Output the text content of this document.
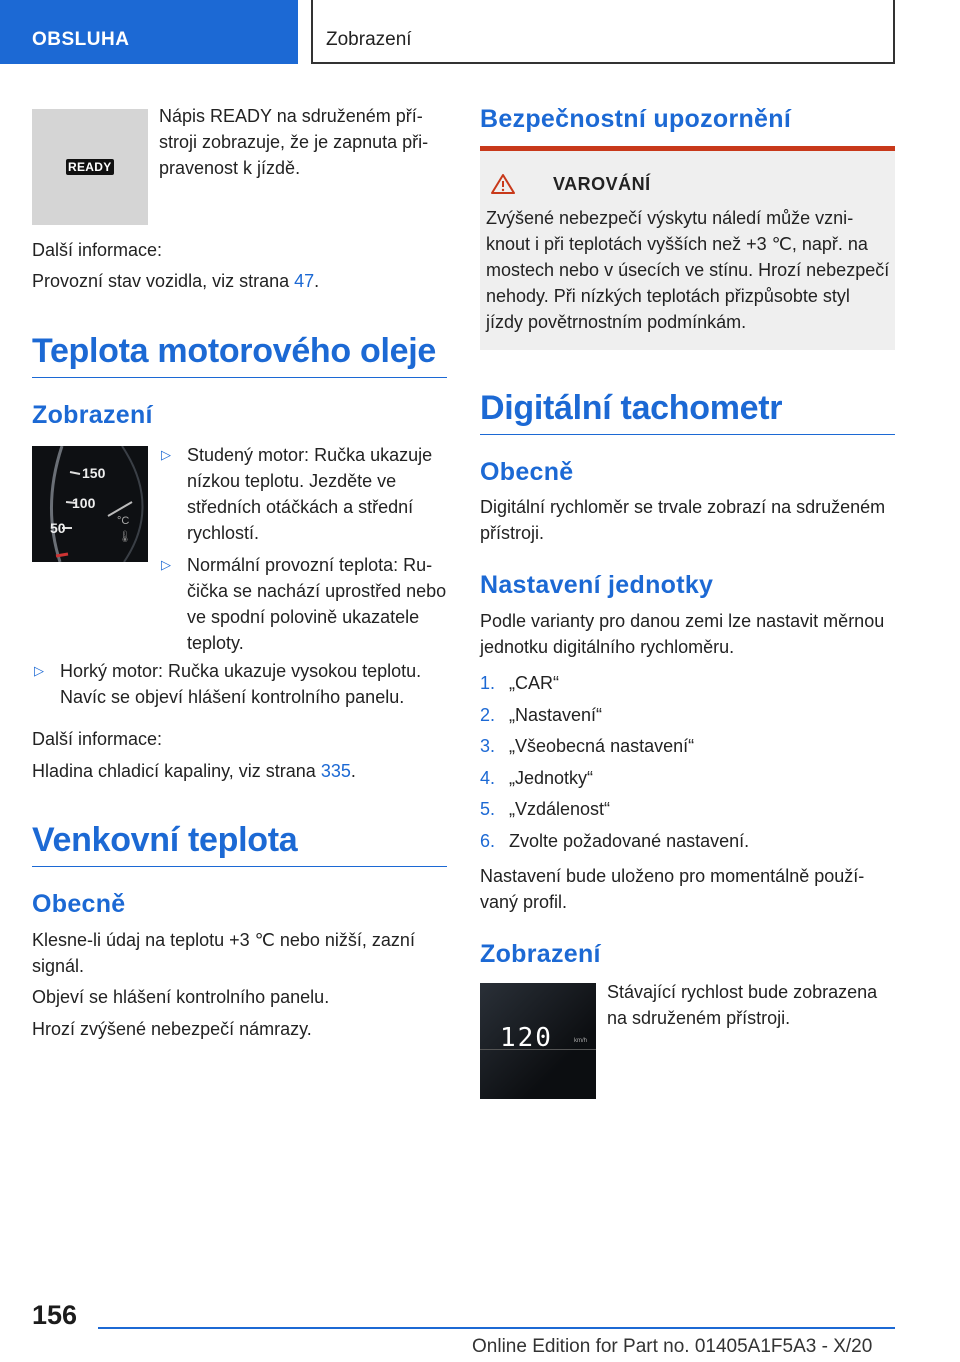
OBSLUHA	Zobrazení
READY

Nápis READY na sdruženém přístroji zobrazuje, že je zapnuta připravenost k jízdě.

Další informace:

Provozní stav vozidla, viz strana 47.

Teplota motorového oleje
Zobrazení
150
100
50	°C
🌡
▷ Studený motor: Ručka ukazuje nízkou teplotu. Jezděte ve středních otáčkách a střední rychlostí.
▷ Normální provozní teplota: Ručička se nachází uprostřed nebo ve spodní polovině ukazatele teploty.
▷ Horký motor: Ručka ukazuje vysokou teplotu. Navíc se objeví hlášení kontrolního panelu.

Další informace:

Hladina chladicí kapaliny, viz strana 335.

Venkovní teplota
Obecně

Klesne-li údaj na teplotu +3 ℃ nebo nižší, zazní signál.

Objeví se hlášení kontrolního panelu.

Hrozí zvýšené nebezpečí námrazy.

Bezpečnostní upozornění
VAROVÁNÍ

Zvýšené nebezpečí výskytu náledí může vzniknout i při teplotách vyšších než +3 ℃, např. na mostech nebo v úsecích ve stínu. Hrozí nebezpečí nehody. Při nízkých teplotách přizpůsobte styl jízdy povětrnostním podmínkám.

Digitální tachometr
Obecně

Digitální rychloměr se trvale zobrazí na sdruženém přístroji.

Nastavení jednotky

Podle varianty pro danou zemi lze nastavit měrnou jednotku digitálního rychloměru.

1. „CAR“
2. „Nastavení“
3. „Všeobecná nastavení“
4. „Jednotky“
5. „Vzdálenost“
6. Zvolte požadované nastavení.

Nastavení bude uloženo pro momentálně používaný profil.

Zobrazení
120	km/h

Stávající rychlost bude zobrazena na sdruženém přístroji.

156
Online Edition for Part no. 01405A1F5A3 - X/20
